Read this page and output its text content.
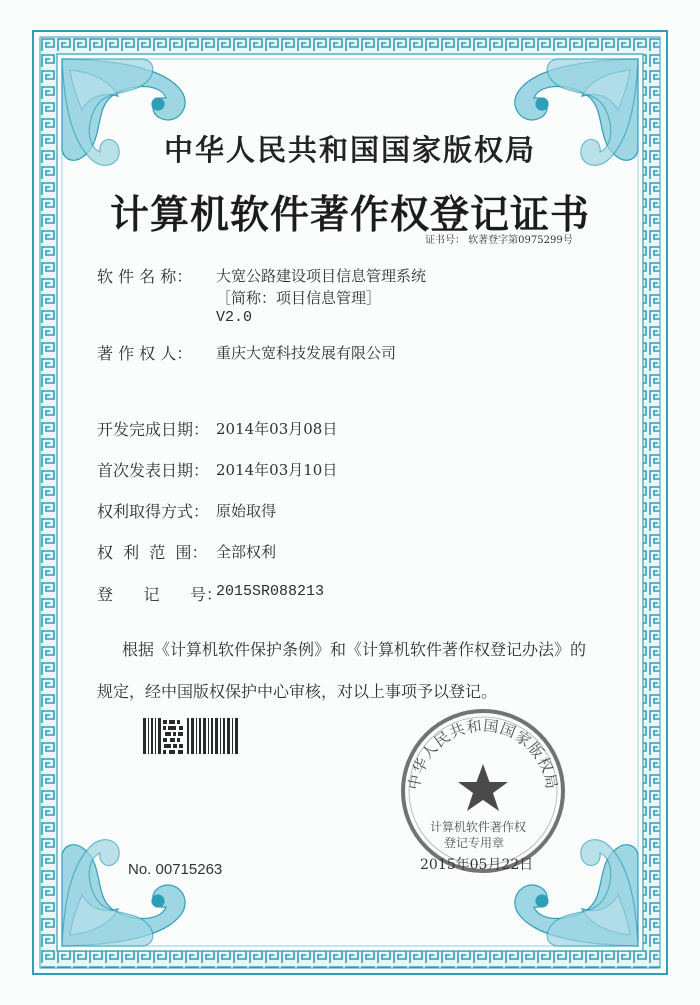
中华人民共和国国家版权局
计算机软件著作权登记证书
证书号： 软著登字第0975299号
软 件 名 称： 大宽公路建设项目信息管理系统
［简称：项目信息管理］
V2.0
著 作 权 人： 重庆大宽科技发展有限公司
开发完成日期： 2014年03月08日
首次发表日期： 2014年03月10日
权利取得方式： 原始取得
权  利  范  围： 全部权利
登      记      号：
2015SR088213
根据《计算机软件保护条例》和《计算机软件著作权登记办法》的
规定，经中国版权保护中心审核，对以上事项予以登记。
中华人民共和国国家版权局
计算机软件著作权
登记专用章
2015年05月22日
No. 00715263
